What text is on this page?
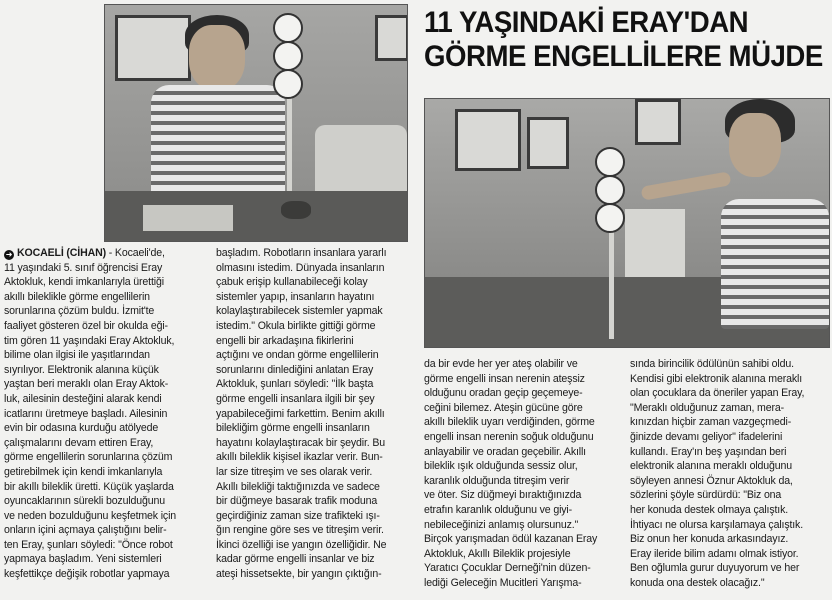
11 YAŞINDAKİ ERAY'DAN
GÖRME ENGELLİLERE MÜJDE
➜ KOCAELİ (CİHAN) - Kocaeli'de,
11 yaşındaki 5. sınıf öğrencisi Eray
Aktokluk, kendi imkanlarıyla ürettiği
akıllı bileklikle görme engellilerin
sorunlarına çözüm buldu. İzmit'te
faaliyet gösteren özel bir okulda eği-
tim gören 11 yaşındaki Eray Aktokluk,
bilime olan ilgisi ile yaşıtlarından
sıyrılıyor. Elektronik alanına küçük
yaştan beri meraklı olan Eray Aktok-
luk, ailesinin desteğini alarak kendi
icatlarını üretmeye başladı. Ailesinin
evin bir odasına kurduğu atölyede
çalışmalarını devam ettiren Eray,
görme engellilerin sorunlarına çözüm
getirebilmek için kendi imkanlarıyla
bir akıllı bileklik üretti. Küçük yaşlarda
oyuncaklarının sürekli bozulduğunu
ve neden bozulduğunu keşfetmek için
onların içini açmaya çalıştığını belir-
ten Eray, şunları söyledi: "Önce robot
yapmaya başladım. Yeni sistemleri
keşfettikçe değişik robotlar yapmaya
başladım. Robotların insanlara yararlı
olmasını istedim. Dünyada insanların
çabuk erişip kullanabileceği kolay
sistemler yapıp, insanların hayatını
kolaylaştırabilecek sistemler yapmak
istedim." Okula birlikte gittiği görme
engelli bir arkadaşına fikirlerini
açtığını ve ondan görme engellilerin
sorunlarını dinlediğini anlatan Eray
Aktokluk, şunları söyledi: "İlk başta
görme engelli insanlara ilgili bir şey
yapabileceğimi farkettim. Benim akıllı
bilekliğim görme engelli insanların
hayatını kolaylaştıracak bir şeydir. Bu
akıllı bileklik kişisel ikazlar verir. Bun-
lar size titreşim ve ses olarak verir.
Akıllı bilekliği taktığınızda ve sadece
bir düğmeye basarak trafik moduna
geçirdiğiniz zaman size trafikteki ışı-
ğın rengine göre ses ve titreşim verir.
İkinci özelliği ise yangın özelliğidir. Ne
kadar görme engelli insanlar ve biz
ateşi hissetsekte, bir yangın çıktığın-
da bir evde her yer ateş olabilir ve
görme engelli insan nerenin ateşsiz
olduğunu oradan geçip geçemeye-
ceğini bilemez. Ateşin gücüne göre
akıllı bileklik uyarı verdiğinden, görme
engelli insan nerenin soğuk olduğunu
anlayabilir ve oradan geçebilir. Akıllı
bileklik ışık olduğunda sessiz olur,
karanlık olduğunda titreşim verir
ve öter. Siz düğmeyi bıraktığınızda
etrafın karanlık olduğunu ve giyi-
nebileceğinizi anlamış olursunuz."
Birçok yarışmadan ödül kazanan Eray
Aktokluk, Akıllı Bileklik projesiyle
Yaratıcı Çocuklar Derneği'nin düzen-
lediği Geleceğin Mucitleri Yarışma-
sında birincilik ödülünün sahibi oldu.
Kendisi gibi elektronik alanına meraklı
olan çocuklara da öneriler yapan Eray,
"Meraklı olduğunuz zaman, mera-
kınızdan hiçbir zaman vazgeçmedi-
ğinizde devamı geliyor" ifadelerini
kullandı. Eray'ın beş yaşından beri
elektronik alanına meraklı olduğunu
söyleyen annesi Öznur Aktokluk da,
sözlerini şöyle sürdürdü: "Biz ona
her konuda destek olmaya çalıştık.
İhtiyacı ne olursa karşılamaya çalıştık.
Biz onun her konuda arkasındayız.
Eray ileride bilim adamı olmak istiyor.
Ben oğlumla gurur duyuyorum ve her
konuda ona destek olacağız."
